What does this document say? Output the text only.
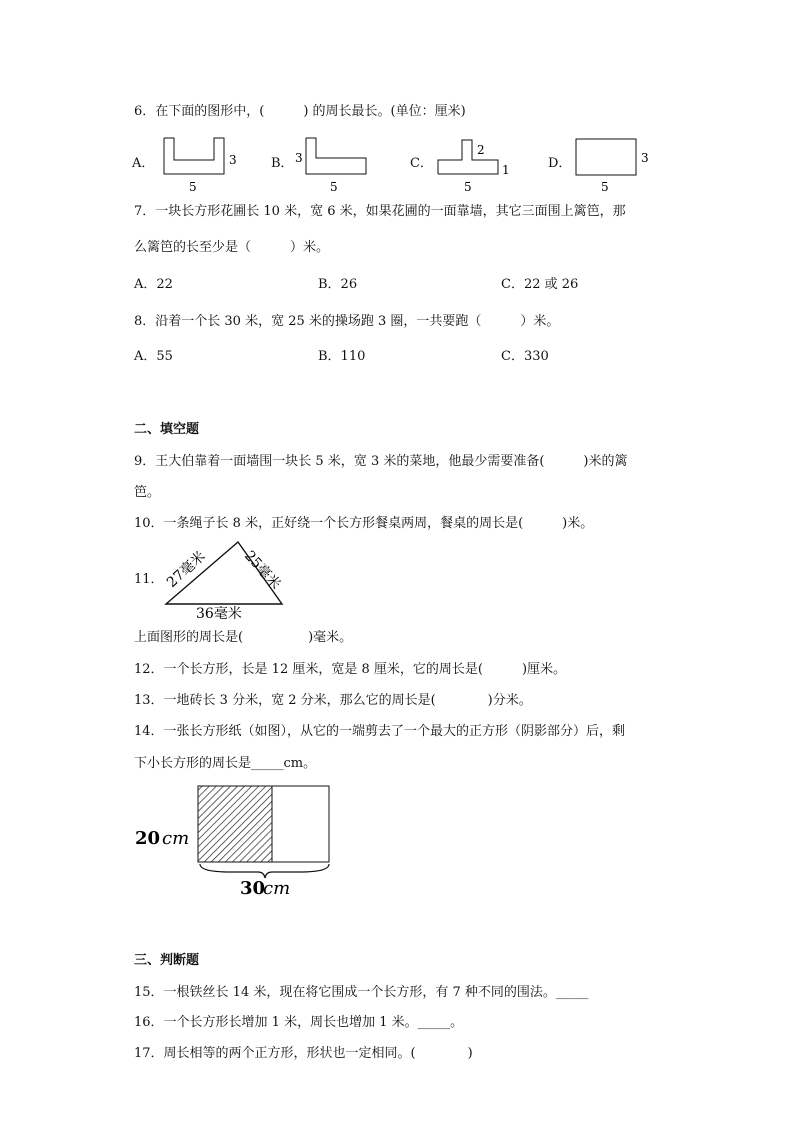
6．在下面的图形中，(　　　) 的周长最长。(单位：厘米)
A．	3
5
B． 3
5
C．
2
1
5
D．	3
5
7．一块长方形花圃长 10 米，宽 6 米，如果花圃的一面靠墙，其它三面围上篱笆，那
么篱笆的长至少是（　　　）米。
A．22	B．26	C．22 或 26
8．沿着一个长 30 米，宽 25 米的操场跑 3 圈，一共要跑（　　　）米。
A．55	B．110	C．330
二、填空题
9．王大伯靠着一面墙围一块长 5 米，宽 3 米的菜地，他最少需要准备(　　　)米的篱
笆。
10．一条绳子长 8 米，正好绕一个长方形餐桌两周，餐桌的周长是(　　　)米。
11． 27毫米 25毫米
36毫米
上面图形的周长是(　　　　　)毫米。
12．一个长方形，长是 12 厘米，宽是 8 厘米，它的周长是(　　　)厘米。
13．一地砖长 3 分米，宽 2 分米，那么它的周长是(　　　　)分米。
14．一张长方形纸（如图），从它的一端剪去了一个最大的正方形（阴影部分）后，剩
下小长方形的周长是_____cm。
20 cm
30
cm
三、判断题
15．一根铁丝长 14 米，现在将它围成一个长方形，有 7 种不同的围法。_____
16．一个长方形长增加 1 米，周长也增加 1 米。_____。
17．周长相等的两个正方形，形状也一定相同。(　　　　)
